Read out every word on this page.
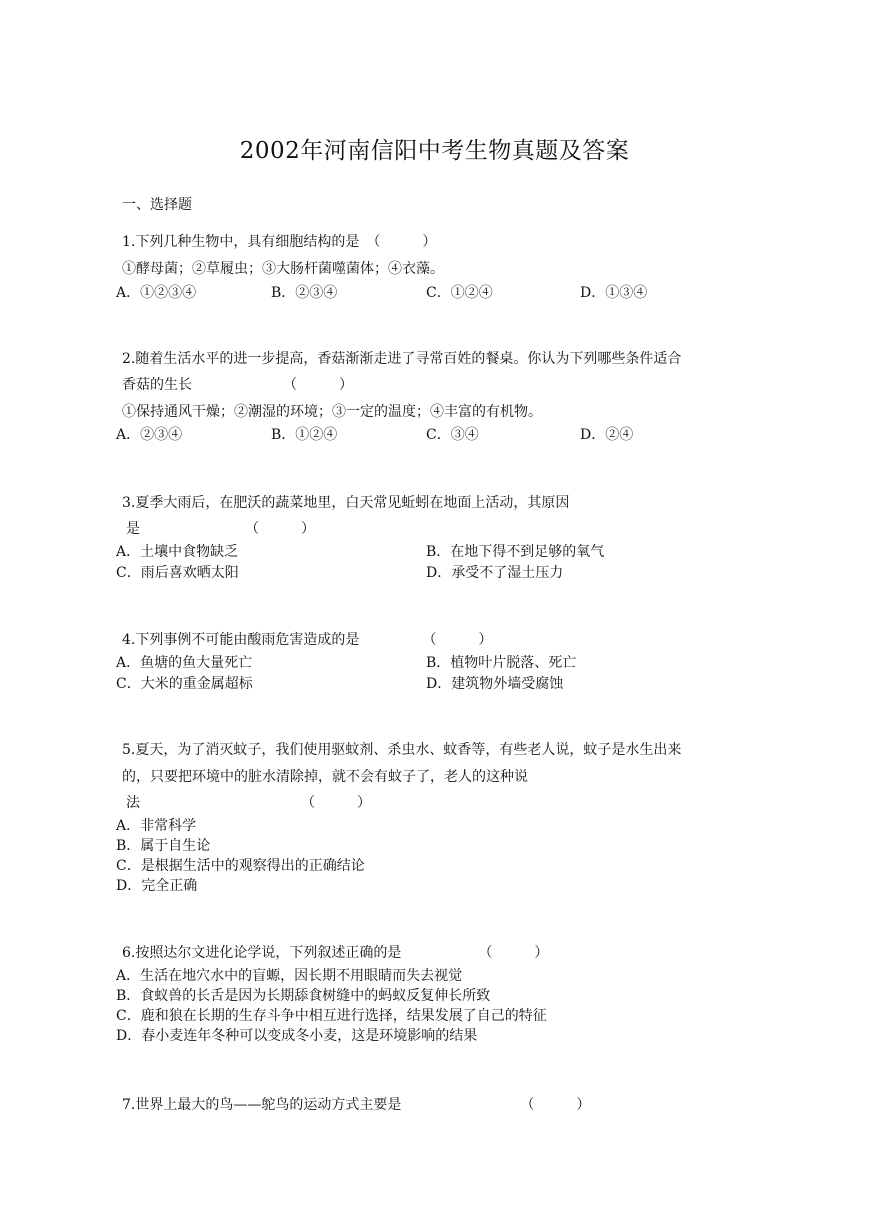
2002年河南信阳中考生物真题及答案
一、选择题
1.下列几种生物中，具有细胞结构的是　（　　　）
①酵母菌；②草履虫；③大肠杆菌噬菌体；④衣藻。
A．①②③④	B．②③④	C．①②④	D．①③④
2.随着生活水平的进一步提高，香菇渐渐走进了寻常百姓的餐桌。你认为下列哪些条件适合
香菇的生长　　　　　　　（　　　）
①保持通风干燥；②潮湿的环境；③一定的温度；④丰富的有机物。
A．②③④	B．①②④	C．③④	D．②④
3.夏季大雨后，在肥沃的蔬菜地里，白天常见蚯蚓在地面上活动，其原因
是　　　　　　　　（　　　）
A．土壤中食物缺乏	B．在地下得不到足够的氧气
C．雨后喜欢晒太阳	D．承受不了湿土压力
4.下列事例不可能由酸雨危害造成的是　　　　　（　　　）
A．鱼塘的鱼大量死亡	B．植物叶片脱落、死亡
C．大米的重金属超标	D．建筑物外墙受腐蚀
5.夏天，为了消灭蚊子，我们使用驱蚊剂、杀虫水、蚊香等，有些老人说，蚊子是水生出来
的，只要把环境中的脏水清除掉，就不会有蚊子了，老人的这种说
法　　　　　　　　　　　　（　　　）
A．非常科学
B．属于自生论
C．是根据生活中的观察得出的正确结论
D．完全正确
6.按照达尔文进化论学说，下列叙述正确的是　　　　　　（　　　）
A．生活在地穴水中的盲螈，因长期不用眼睛而失去视觉
B．食蚁兽的长舌是因为长期舔食树缝中的蚂蚁反复伸长所致
C．鹿和狼在长期的生存斗争中相互进行选择，结果发展了自己的特征
D．春小麦连年冬种可以变成冬小麦，这是环境影响的结果
7.世界上最大的鸟——鸵鸟的运动方式主要是　　　　　　　　　（　　　）
